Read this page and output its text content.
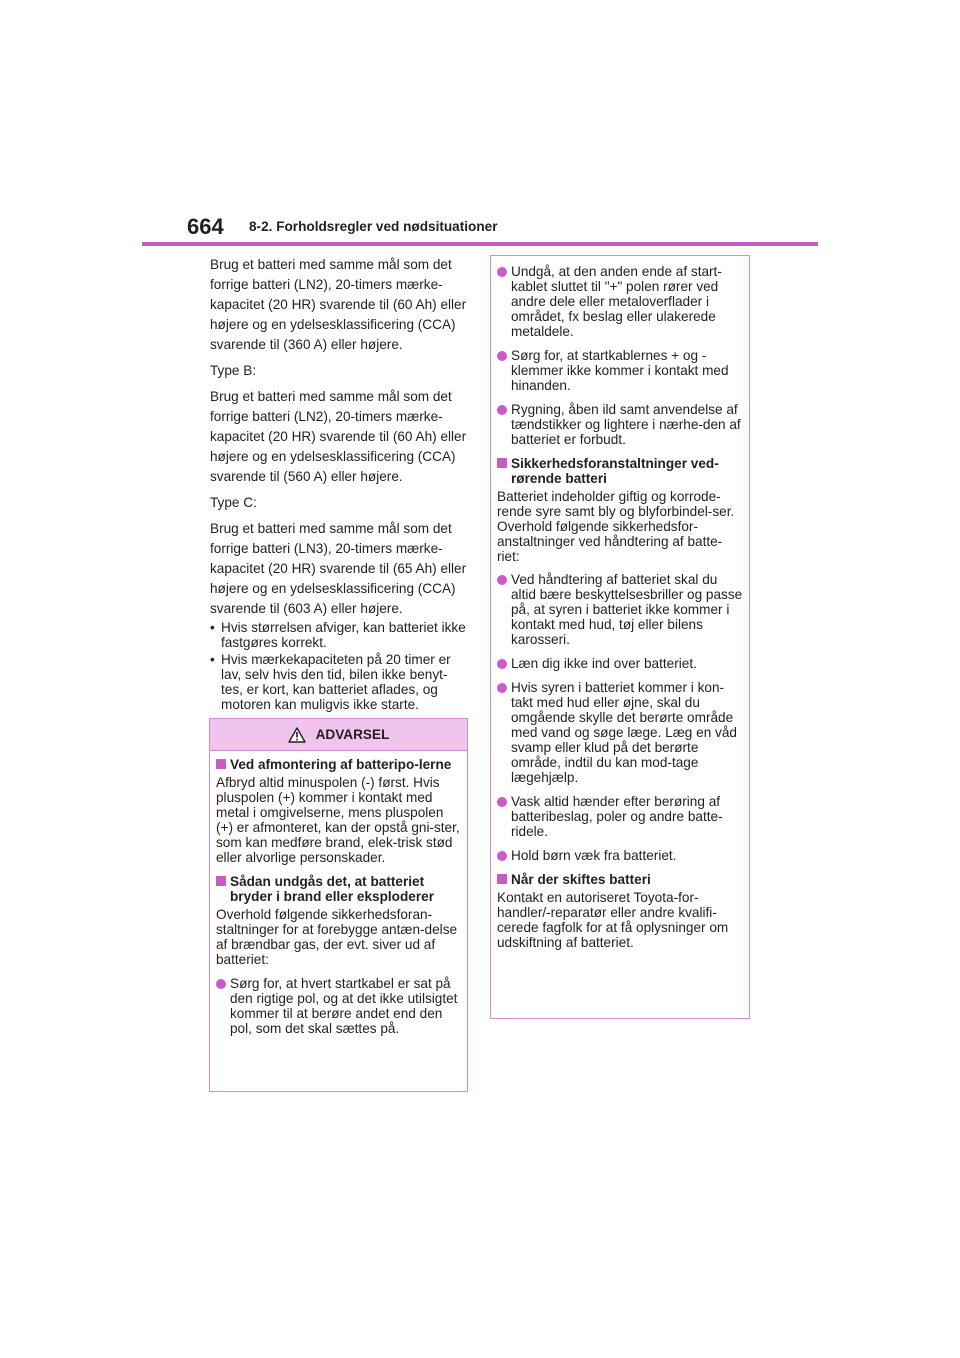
664 8-2. Forholdsregler ved nødsituationer

Brug et batteri med samme mål som det forrige batteri (LN2), 20-timers mærke-kapacitet (20 HR) svarende til (60 Ah) eller højere og en ydelsesklassificering (CCA) svarende til (360 A) eller højere.

Type B:

Brug et batteri med samme mål som det forrige batteri (LN2), 20-timers mærke-kapacitet (20 HR) svarende til (60 Ah) eller højere og en ydelsesklassificering (CCA) svarende til (560 A) eller højere.

Type C:

Brug et batteri med samme mål som det forrige batteri (LN3), 20-timers mærke-kapacitet (20 HR) svarende til (65 Ah) eller højere og en ydelsesklassificering (CCA) svarende til (603 A) eller højere.

• Hvis størrelsen afviger, kan batteriet ikke fastgøres korrekt.
• Hvis mærkekapaciteten på 20 timer er lav, selv hvis den tid, bilen ikke benyt-tes, er kort, kan batteriet aflades, og motoren kan muligvis ikke starte.
ADVARSEL
Ved afmontering af batteripo-lerne

Afbryd altid minuspolen (-) først. Hvis pluspolen (+) kommer i kontakt med metal i omgivelserne, mens pluspolen (+) er afmonteret, kan der opstå gni-ster, som kan medføre brand, elek-trisk stød eller alvorlige personskader.

Sådan undgås det, at batteriet bryder i brand eller eksploderer

Overhold følgende sikkerhedsforan-staltninger for at forebygge antæn-delse af brændbar gas, der evt. siver ud af batteriet:

Sørg for, at hvert startkabel er sat på den rigtige pol, og at det ikke utilsigtet kommer til at berøre andet end den pol, som det skal sættes på.
Undgå, at den anden ende af start-kablet sluttet til "+" polen rører ved andre dele eller metaloverflader i området, fx beslag eller ulakerede metaldele.
Sørg for, at startkablernes + og - klemmer ikke kommer i kontakt med hinanden.
Rygning, åben ild samt anvendelse af tændstikker og lightere i nærhe-den af batteriet er forbudt.
Sikkerhedsforanstaltninger ved-rørende batteri

Batteriet indeholder giftig og korrode-rende syre samt bly og blyforbindel-ser. Overhold følgende sikkerhedsfor-anstaltninger ved håndtering af batte-riet:

Ved håndtering af batteriet skal du altid bære beskyttelsesbriller og passe på, at syren i batteriet ikke kommer i kontakt med hud, tøj eller bilens karosseri.
Læn dig ikke ind over batteriet.
Hvis syren i batteriet kommer i kon-takt med hud eller øjne, skal du omgående skylle det berørte område med vand og søge læge. Læg en våd svamp eller klud på det berørte område, indtil du kan mod-tage lægehjælp.
Vask altid hænder efter berøring af batteribeslag, poler og andre batte-ridele.
Hold børn væk fra batteriet.
Når der skiftes batteri

Kontakt en autoriseret Toyota-for-handler/-reparatør eller andre kvalifi-cerede fagfolk for at få oplysninger om udskiftning af batteriet.
